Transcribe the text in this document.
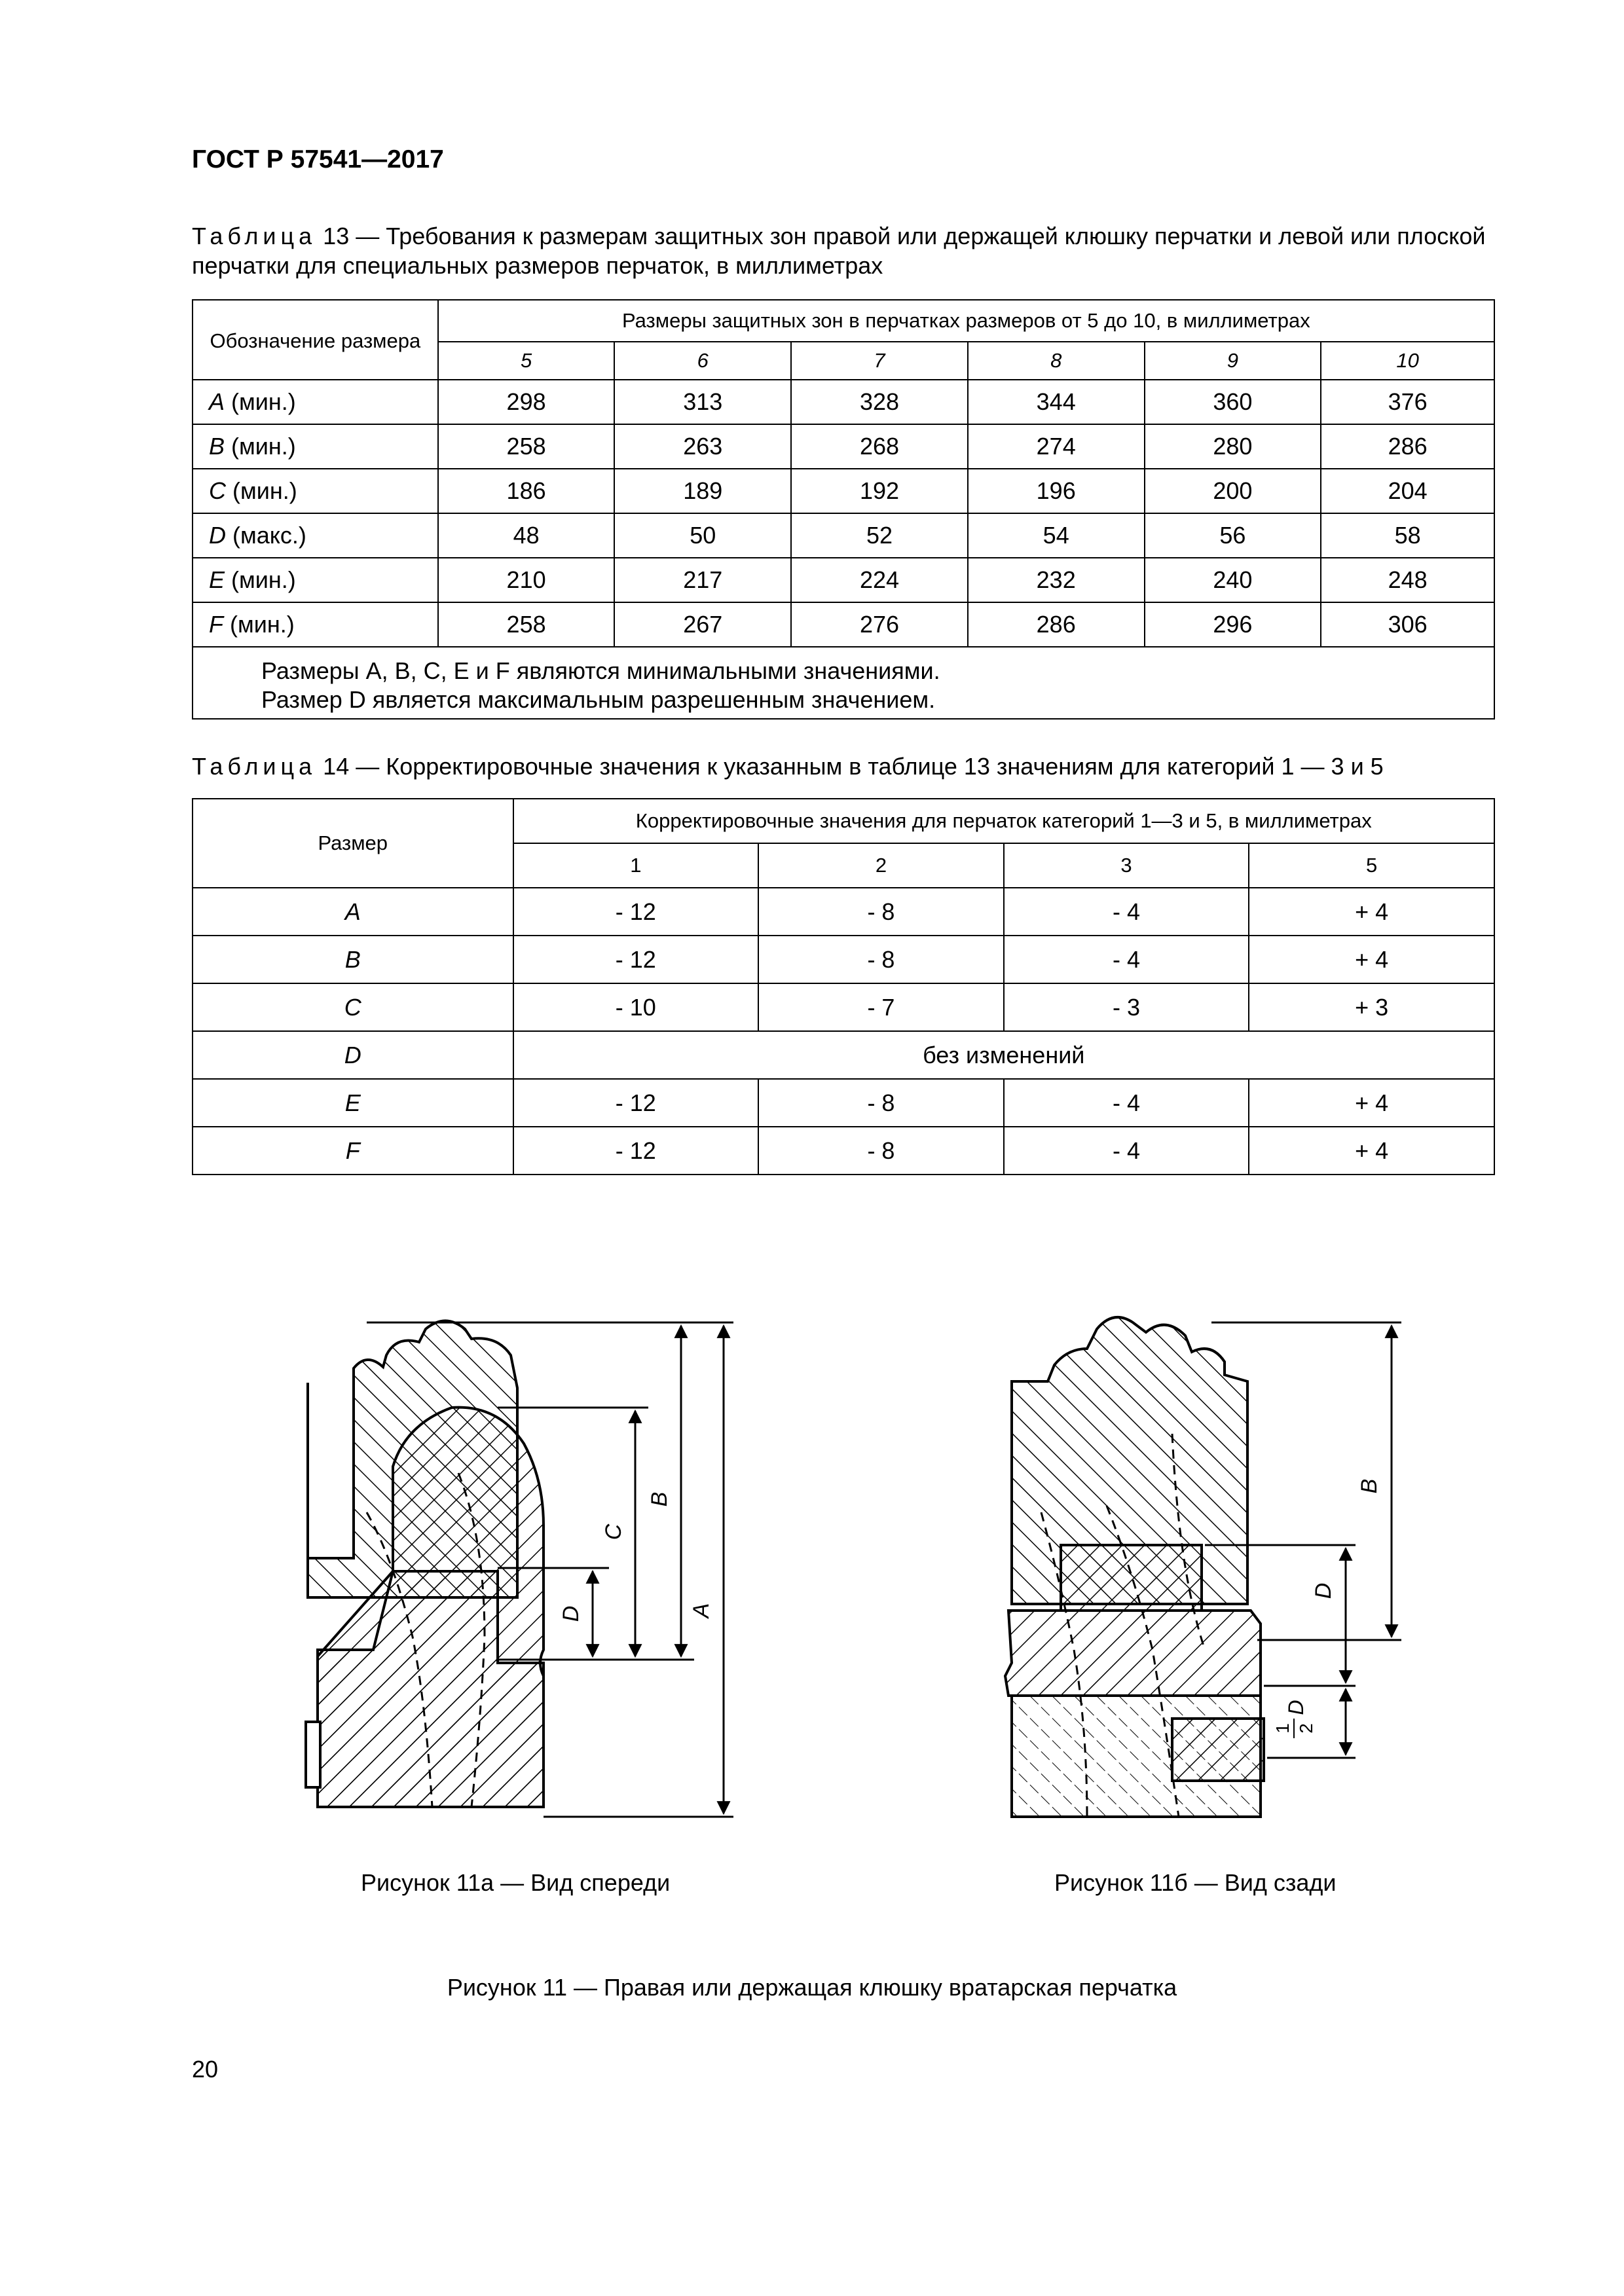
ГОСТ Р 57541—2017
Таблица 13 — Требования к размерам защитных зон правой или держащей клюшку перчатки и левой или плоской перчатки для специальных размеров перчаток, в миллиметрах
Обозначение размера	Размеры защитных зон в перчатках размеров от 5 до 10, в миллиметрах					
	5	6	7	8	9	10
A (мин.)	298	313	328	344	360	376
B (мин.)	258	263	268	274	280	286
C (мин.)	186	189	192	196	200	204
D (макс.)	48	50	52	54	56	58
E (мин.)	210	217	224	232	240	248
F (мин.)	258	267	276	286	296	306

Размеры A, B, C, E и F являются минимальными значениями.
Размер D является максимальным разрешенным значением.						
Таблица 14 — Корректировочные значения к указанным в таблице 13 значениям для категорий 1 — 3 и 5
Размер	Корректировочные значения для перчаток категорий 1—3 и 5, в миллиметрах			
	1	2	3	5
A	- 12	- 8	- 4	+ 4
B	- 12	- 8	- 4	+ 4
C	- 10	- 7	- 3	+ 3
D	без изменений			
E	- 12	- 8	- 4	+ 4
F	- 12	- 8	- 4	+ 4
A
B
C
D
B
D
1 2
D
Рисунок 11а — Вид спереди	Рисунок 11б — Вид сзади
Рисунок 11 — Правая или держащая клюшку вратарская перчатка
20
